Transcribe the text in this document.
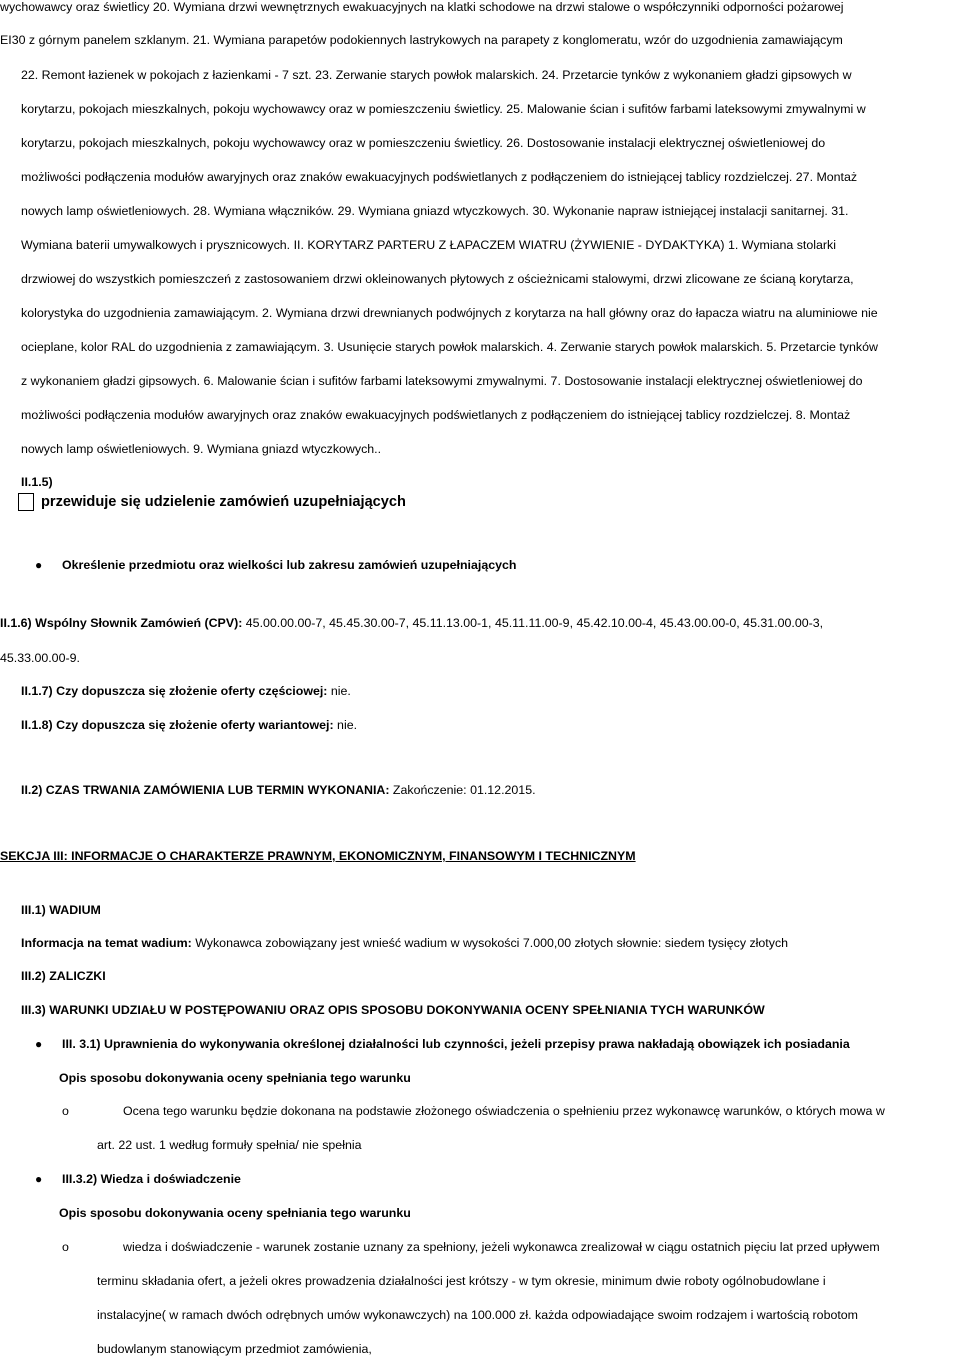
wychowawcy oraz świetlicy 20. Wymiana drzwi wewnętrznych ewakuacyjnych na klatki schodowe na drzwi stalowe o współczynniki odporności pożarowej
EI30 z górnym panelem szklanym. 21. Wymiana parapetów podokiennych lastrykowych na parapety z konglomeratu, wzór do uzgodnienia zamawiającym
22. Remont łazienek w pokojach z łazienkami - 7 szt. 23. Zerwanie starych powłok malarskich. 24. Przetarcie tynków z wykonaniem gładzi gipsowych w
korytarzu, pokojach mieszkalnych, pokoju wychowawcy oraz w pomieszczeniu świetlicy. 25. Malowanie ścian i sufitów farbami lateksowymi zmywalnymi w
korytarzu, pokojach mieszkalnych, pokoju wychowawcy oraz w pomieszczeniu świetlicy. 26. Dostosowanie instalacji elektrycznej oświetleniowej do
możliwości podłączenia modułów awaryjnych oraz znaków ewakuacyjnych podświetlanych z podłączeniem do istniejącej tablicy rozdzielczej. 27. Montaż
nowych lamp oświetleniowych. 28. Wymiana włączników. 29. Wymiana gniazd wtyczkowych. 30. Wykonanie napraw istniejącej instalacji sanitarnej. 31.
Wymiana baterii umywalkowych i prysznicowych. II. KORYTARZ PARTERU Z ŁAPACZEM WIATRU (ŻYWIENIE - DYDAKTYKA) 1. Wymiana stolarki
drzwiowej do wszystkich pomieszczeń z zastosowaniem drzwi okleinowanych płytowych z ościeżnicami stalowymi, drzwi zlicowane ze ścianą korytarza,
kolorystyka do uzgodnienia zamawiającym. 2. Wymiana drzwi drewnianych podwójnych z korytarza na hall główny oraz do łapacza wiatru na aluminiowe nie
ocieplane, kolor RAL do uzgodnienia z zamawiającym. 3. Usunięcie starych powłok malarskich. 4. Zerwanie starych powłok malarskich. 5. Przetarcie tynków
z wykonaniem gładzi gipsowych. 6. Malowanie ścian i sufitów farbami lateksowymi zmywalnymi. 7. Dostosowanie instalacji elektrycznej oświetleniowej do
możliwości podłączenia modułów awaryjnych oraz znaków ewakuacyjnych podświetlanych z podłączeniem do istniejącej tablicy rozdzielczej. 8. Montaż
nowych lamp oświetleniowych. 9. Wymiana gniazd wtyczkowych..
II.1.5)
przewiduje się udzielenie zamówień uzupełniających
● Określenie przedmiotu oraz wielkości lub zakresu zamówień uzupełniających
II.1.6) Wspólny Słownik Zamówień (CPV): 45.00.00.00-7, 45.45.30.00-7, 45.11.13.00-1, 45.11.11.00-9, 45.42.10.00-4, 45.43.00.00-0, 45.31.00.00-3,
45.33.00.00-9.
II.1.7) Czy dopuszcza się złożenie oferty częściowej: nie.
II.1.8) Czy dopuszcza się złożenie oferty wariantowej: nie.
II.2) CZAS TRWANIA ZAMÓWIENIA LUB TERMIN WYKONANIA: Zakończenie: 01.12.2015.
SEKCJA III: INFORMACJE O CHARAKTERZE PRAWNYM, EKONOMICZNYM, FINANSOWYM I TECHNICZNYM
III.1) WADIUM
Informacja na temat wadium: Wykonawca zobowiązany jest wnieść wadium w wysokości 7.000,00 złotych słownie: siedem tysięcy złotych
III.2) ZALICZKI
III.3) WARUNKI UDZIAŁU W POSTĘPOWANIU ORAZ OPIS SPOSOBU DOKONYWANIA OCENY SPEŁNIANIA TYCH WARUNKÓW
● III. 3.1) Uprawnienia do wykonywania określonej działalności lub czynności, jeżeli przepisy prawa nakładają obowiązek ich posiadania
Opis sposobu dokonywania oceny spełniania tego warunku
o	Ocena tego warunku będzie dokonana na podstawie złożonego oświadczenia o spełnieniu przez wykonawcę warunków, o których mowa w
art. 22 ust. 1 według formuły spełnia/ nie spełnia
● III.3.2) Wiedza i doświadczenie
Opis sposobu dokonywania oceny spełniania tego warunku
o	wiedza i doświadczenie - warunek zostanie uznany za spełniony, jeżeli wykonawca zrealizował w ciągu ostatnich pięciu lat przed upływem
terminu składania ofert, a jeżeli okres prowadzenia działalności jest krótszy - w tym okresie, minimum dwie roboty ogólnobudowlane i
instalacyjne( w ramach dwóch odrębnych umów wykonawczych) na 100.000 zł. każda odpowiadające swoim rodzajem i wartością robotom
budowlanym stanowiącym przedmiot zamówienia,
